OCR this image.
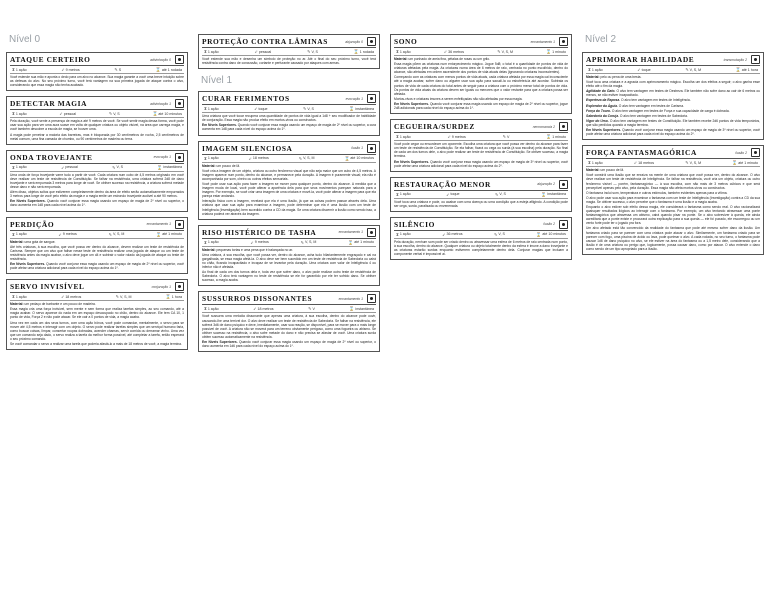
Nível 0
ATAQUE CERTEIRO	adivinhação 0
⧗ 1 ação	➶ 9 metros	✎ S	⌛ até 1 rodada

Você estende sua mão e aponta o dedo para um alvo no alcance. Sua magia garante a você uma breve intuição sobre as defesas do alvo. No seu próximo turno, você terá vantagem na sua primeira jogada de ataque contra o alvo, considerando que essa magia não tenha acabado.

DETECTAR MAGIA	adivinhação 1
⧗ 1 ação	➶ pessoal	✎ V, S	⌛ até 10 minutos

Pela duração, você sente a presença de magia a até 9 metros de você. Se você sentir magia dessa forma, você pode usar sua ação para ver uma aura suave em volta de qualquer criatura ou objeto visível, na área que carrega magia, e você também descobre a escola de magia, se houver uma.

A magia pode penetrar a maioria das barreiras, mas é bloqueada por 30 centímetros de rocha, 2,5 centímetros de metal comum, uma fina camada de chumbo, ou 90 centímetros de madeira ou terra.

ONDA TROVEJANTE	evocação 1
⧗ 1 ação	➶ pessoal	✎ V, S	⌛ instantânea

Uma onda de força trovejante varre tudo a partir de você. Cada criatura num cubo de 4,5 metros originado em você deve realizar um teste de resistência de Constituição. Se falhar na resistência, uma criatura sofrerá 2d8 de dano trovejante e será empurrada 3 metros para longe de você. Se obtiver sucesso na resistência, a criatura sofrerá metade desse dano e não será empurrada.

Além disso, objetos soltos que estiverem completamente dentro da área de efeito serão automaticamente empurrados 3 metros para longe de você pelo efeito da magia e a magia emite um estrondo trovejante audível a até 90 metros.

Em Níveis Superiores. Quando você conjurar essa magia usando um espaço de magia de 2º nível ou superior, o dano aumenta em 1d8 para cada nível acima do 1º.

PERDIÇÃO	encantamento 1
⧗ 1 ação	➶ 9 metros	✎ V, S, M	⌛ até 1 minuto

Material: uma gota de sangue.

Até três criaturas, à sua escolha, que você possa ver dentro do alcance, devem realizar um teste de resistência de Carisma. Sempre que um alvo que falhar nesse teste de resistência realizar uma jogada de ataque ou um teste de resistência antes da magia acabar, o alvo deve jogar um d4 e subtrair o valor rolado da jogada de ataque ou teste de resistência.

Em Níveis Superiores. Quando você conjurar essa magia usando um espaço de magia de 2º nível ou superior, você pode afetar uma criatura adicional para cada nível do espaço acima do 1º.

SERVO INVISÍVEL	conjuração 1
⧗ 1 ação	➶ 18 metros	✎ V, S, M	⌛ 1 hora

Material: um pedaço de barbante e um pouco de madeira.

Essa magia cria uma força invisível, sem mente e sem forma que realiza tarefas simples, ao seu comando, até a magia acabar. O servo aparece do nada em um espaço desocupado no chão, dentro do alcance. Ele tem CA 10, 1 ponto de vida, Força 2 e não pode atacar. Se ele cair a 0 pontos de vida, a magia acaba.

Uma vez em cada um dos seus turnos, com uma ação bônus, você pode comandar, mentalmente, o servo para se mover até 4,5 metros e interagir com um objeto. O servo pode realizar tarefas simples que um serviçal humano faria, como buscar coisas, limpar, consertar roupas dobradas, acender chamas, servir comida ou derramar vinho. Uma vez que um comando seja dado, o servo realiza a tarefa da melhor forma possível, até completar a tarefa, então esperará o seu próximo comando.

Se você comandar o servo a realizar uma tarefa que poderia afastá-lo a mais de 18 metros de você, a magia termina.

PROTEÇÃO CONTRA LÂMINAS	abjuração 0
⧗ 1 ação	➶ pessoal	✎ V, S	⌛ 1 rodada

Você estende sua mão e desenha um símbolo de proteção no ar. Até o final do seu próximo turno, você terá resistência contra dano de concussão, cortante e perfurante causado por ataques com armas.

Nível 1
CURAR FERIMENTOS	evocação 1
⧗ 1 ação	➶ toque	✎ V, S	⌛ instantânea

Uma criatura que você tocar recupera uma quantidade de pontos de vida igual a 1d8 + seu modificador de habilidade de conjuração. Essa magia não produz efeito em mortos-vivos ou constructos.

Em Níveis Superiores. Quando você conjurar essa magia usando um espaço de magia de 2º nível ou superior, a cura aumenta em 1d8 para cada nível do espaço acima do 1º.

IMAGEM SILENCIOSA	ilusão 1
⧗ 1 ação	➶ 18 metros	✎ V, S, M	⌛ até 10 minutos

Material: um pouco de lã.

Você cria a imagem de um objeto, criatura ou outro fenômeno visual que não seja maior que um cubo de 4,5 metros. A imagem aparece num ponto, dentro do alcance, e permanece pela duração. A imagem é puramente visual; ela não é acompanhada por som, cheiro ou outros efeitos sensoriais.

Você pode usar sua ação para fazer a imagem se mover para qualquer ponto, dentro do alcance. A medida que a imagem muda de local, você pode alterar a aparência dela para que seus movimentos pareçam naturais para a imagem. Por exemplo, se você criar uma imagem de uma criatura e movê-la, você pode alterar a imagem para que ela pareça estar andando.

Interação física com a imagem, revelará que ela é uma ilusão, já que as coisas podem passar através dela. Uma criatura que usar sua ação para examinar a imagem, pode determinar que ela é uma ilusão com um teste de Inteligência (Investigação) bem sucedido contra a CD da magia. Se uma criatura discernir a ilusão como sendo isso, a criatura poderá ver através da imagem.

RISO HISTÉRICO DE TASHA	encantamento 1
⧗ 1 ação	➶ 9 metros	✎ V, S, M	⌛ até 1 minuto

Material: pequenas tortas e uma pena que é balançada no ar.

Uma criatura, à sua escolha, que você possa ver, dentro do alcance, acha tudo hilariantemente engraçado e cai na gargalhada, se essa magia afetá-la. O alvo deve ser bem sucedido em um teste de resistência de Sabedoria ou cairá no chão, ficando incapacitado e incapaz de se levantar pela duração. Uma criatura com valor de Inteligência 4 ou inferior não é afetada.

Ao final de cada um dos turnos dela e, toda vez que sofrer dano, o alvo pode realizar outro teste de resistência de Sabedoria. O alvo terá vantagem no teste de resistência se ele for garantido por ele ter sofrido dano. Se obtiver sucesso, a magia acaba.

SUSSURROS DISSONANTES	encantamento 1
⧗ 1 ação	➶ 18 metros	✎ V	⌛ instantânea

Você sussurra uma melodia dissonante que apenas uma criatura, à sua escolha, dentro do alcance pode ouvir, causando-lhe uma terrível dor. O alvo deve realizar um teste de resistência de Sabedoria. Se falhar na resistência, ele sofrerá 3d6 de dano psíquico e deve, imediatamente, usar sua reação, se disponível, para se mover para o mais longe possível de você. A criatura não se moverá para um terreno obviamente perigoso, como uma fogueira ou abismo. Se obtiver sucesso na resistência, o alvo sofre metade do dano e não precisa se afastar de você. Uma criatura surda obtém sucesso automaticamente na resistência.

Em Níveis Superiores. Quando você conjurar essa magia usando um espaço de magia de 2º nível ou superior, o dano aumenta em 1d6 para cada nível do espaço acima do 1º.

SONO	encantamento 1
⧗ 1 ação	➶ 36 metros	✎ V, S, M	⌛ 1 minuto

Material: um punhado de areia fina, pétalas de rosas ou um grilo.

Essa magia põem as criaturas num entorpecimento mágico. Jogue 5d8; o total é a quantidade de pontos de vida de criaturas afetadas pela magia. As criaturas numa área de 6 metros de raio, centrada no ponto escolhido, dentro do alcance, são afetadas em ordem ascendente dos pontos de vida atuais delas (ignorando criaturas inconscientes).

Começando com as criaturas com menos pontos de vida atuais, cada criatura afetada por essa magia cai inconsciente até a magia acabar, sofrer dano ou alguém usar sua ação para sacudi-la ou esbofeteá-la até acordar. Subtraia os pontos de vida de cada criatura do total antes de seguir para a criatura com o próximo menor total de pontos de vida. Os pontos de vida atuais da criatura devem ser iguais ou menores que o valor restante para que a criatura possa ser afetada.

Mortos-vivos e criaturas imunes a serem enfeitiçadas não são afetadas por essa magia.

Em Níveis Superiores. Quando você conjurar essa magia usando um espaço de magia de 2º nível ou superior, jogue 2d8 adicionais para cada nível do espaço acima do 1º.

CEGUEIRA/SURDEZ	necromancia 2
⧗ 1 ação	➶ 9 metros	✎ V	⌛ 1 minuto

Você pode cegar ou ensurdecer um oponente. Escolha uma criatura que você possa ver dentro do alcance para fazer um teste de resistência de Constituição. Se ela falhar, ficará ou cega ou surda (à sua escolha) pela duração. No final de cada um dos turnos dele, o alvo pode realizar um teste de resistência de Constituição. Se obtiver sucesso, a magia termina.

Em Níveis Superiores. Quando você conjurar essa magia usando um espaço de magia de 3º nível ou superior, você pode afetar uma criatura adicional para cada nível do espaço acima do 2º.

RESTAURAÇÃO MENOR	abjuração 2
⧗ 1 ação	➶ toque	✎ V, S	⌛ instantânea

Você toca uma criatura e pode, ou acabar com uma doença ou uma condição que a esteja afligindo. A condição pode ser cega, surda, paralisada ou envenenada.

SILÊNCIO	ilusão 2
⧗ 1 ação	➶ 36 metros	✎ V, S	⌛ até 10 minutos

Pela duração, nenhum som pode ser criado dentro ou atravessar uma esfera de 6 metros de raio centrada num ponto, à sua escolha, dentro do alcance. Qualquer criatura ou objeto totalmente dentro da esfera é imune a dano trovejante e as criaturas estarão surdas enquanto estiverem completamente dentro dela. Conjurar magias que incluam a componente verbal é impossível aí.

Nível 2
APRIMORAR HABILIDADE	transmutação 2
⧗ 1 ação	➶ toque	✎ V, S, M	⌛ até 1 hora

Material: pelo ou pena de uma besta.

Você toca uma criatura e a agracia com aprimoramento mágico. Escolha um dos efeitos a seguir; o alvo ganha esse efeito até o fim da magia.

Agilidade do Gato. O alvo tem vantagem em testes de Destreza. Ele também não sofre dano ao cair de 6 metros ou menos, se não estiver incapacitado.

Esperteza da Raposa. O alvo tem vantagem em testes de Inteligência.

Esplendor da Águia. O alvo tem vantagem em testes de Carisma.

Força do Touro. O alvo tem vantagem em testes de Força e sua capacidade de carga é dobrada.

Sabedoria da Coruja. O alvo tem vantagem em testes de Sabedoria.

Vigor do Urso. O alvo tem vantagem em testes de Constituição. Ele também recebe 2d6 pontos de vida temporários, que são perdidos quando a magia termina.

Em Níveis Superiores. Quando você conjurar essa magia usando um espaço de magia de 3º nível ou superior, você pode afetar uma criatura adicional para cada nível do espaço acima do 2º.

FORÇA FANTASMAGÓRICA	ilusão 2
⧗ 1 ação	➶ 18 metros	✎ V, S, M	⌛ até 1 minuto

Material: um pouco de lã.

Você constrói uma ilusão que se enraíza na mente de uma criatura que você possa ver, dentro do alcance. O alvo deve realizar um teste de resistência de Inteligência. Se falhar na resistência, você cria um objeto, criatura ou outro fenômeno visível — porém, fantasmagórico — à sua escolha, com não mais de 3 metros cúbicos e que será perceptível apenas pelo alvo, pela duração. Essa magia não afeta mortos-vivos ou constructos.

O fantasma inclui som, temperatura e outros estímulos, também evidentes apenas para a vítima.

O alvo pode usar sua ação para examinar o fantasma com um teste de Inteligência (Investigação) contra a CD da sua magia. Se obtiver sucesso, o alvo percebe que o fantasma é uma ilusão e a magia acaba.

Enquanto o alvo estiver sob efeito dessa magia, ele considerará o fantasma como sendo real. O alvo racionalizará quaisquer resultados ilógicos ao interagir com o fantasma. Por exemplo, um alvo tentando atravessar uma ponte fantasmagórica que atravessa um abismo, cairá quando pisar na ponte. Se o alvo sobreviver à queda, ele ainda acreditará que a ponte existe e procurará outra explicação para a sua queda — ele foi puxado, ele escorregou ou um vento forte pode ter o jogado pra fora.

Um alvo afetado está tão convencido da realidade do fantasma que pode até mesmo sofrer dano da ilusão. Um fantasma criado para se parecer com uma criatura pode atacar o alvo. Similarmente, um fantasma criado para se parecer com fogo, uma piscina de ácido ou lava, pode queimar o alvo. A cada rodada, no seu turno, o fantasma pode causar 1d6 de dano psíquico no alvo, se ele estiver na área do fantasma ou a 1,5 metro dele, considerando que a ilusão é de uma criatura ou perigo que, logicamente, possa causar dano, como por atacar. O alvo entende o dano como sendo de um tipo apropriado para a ilusão.
